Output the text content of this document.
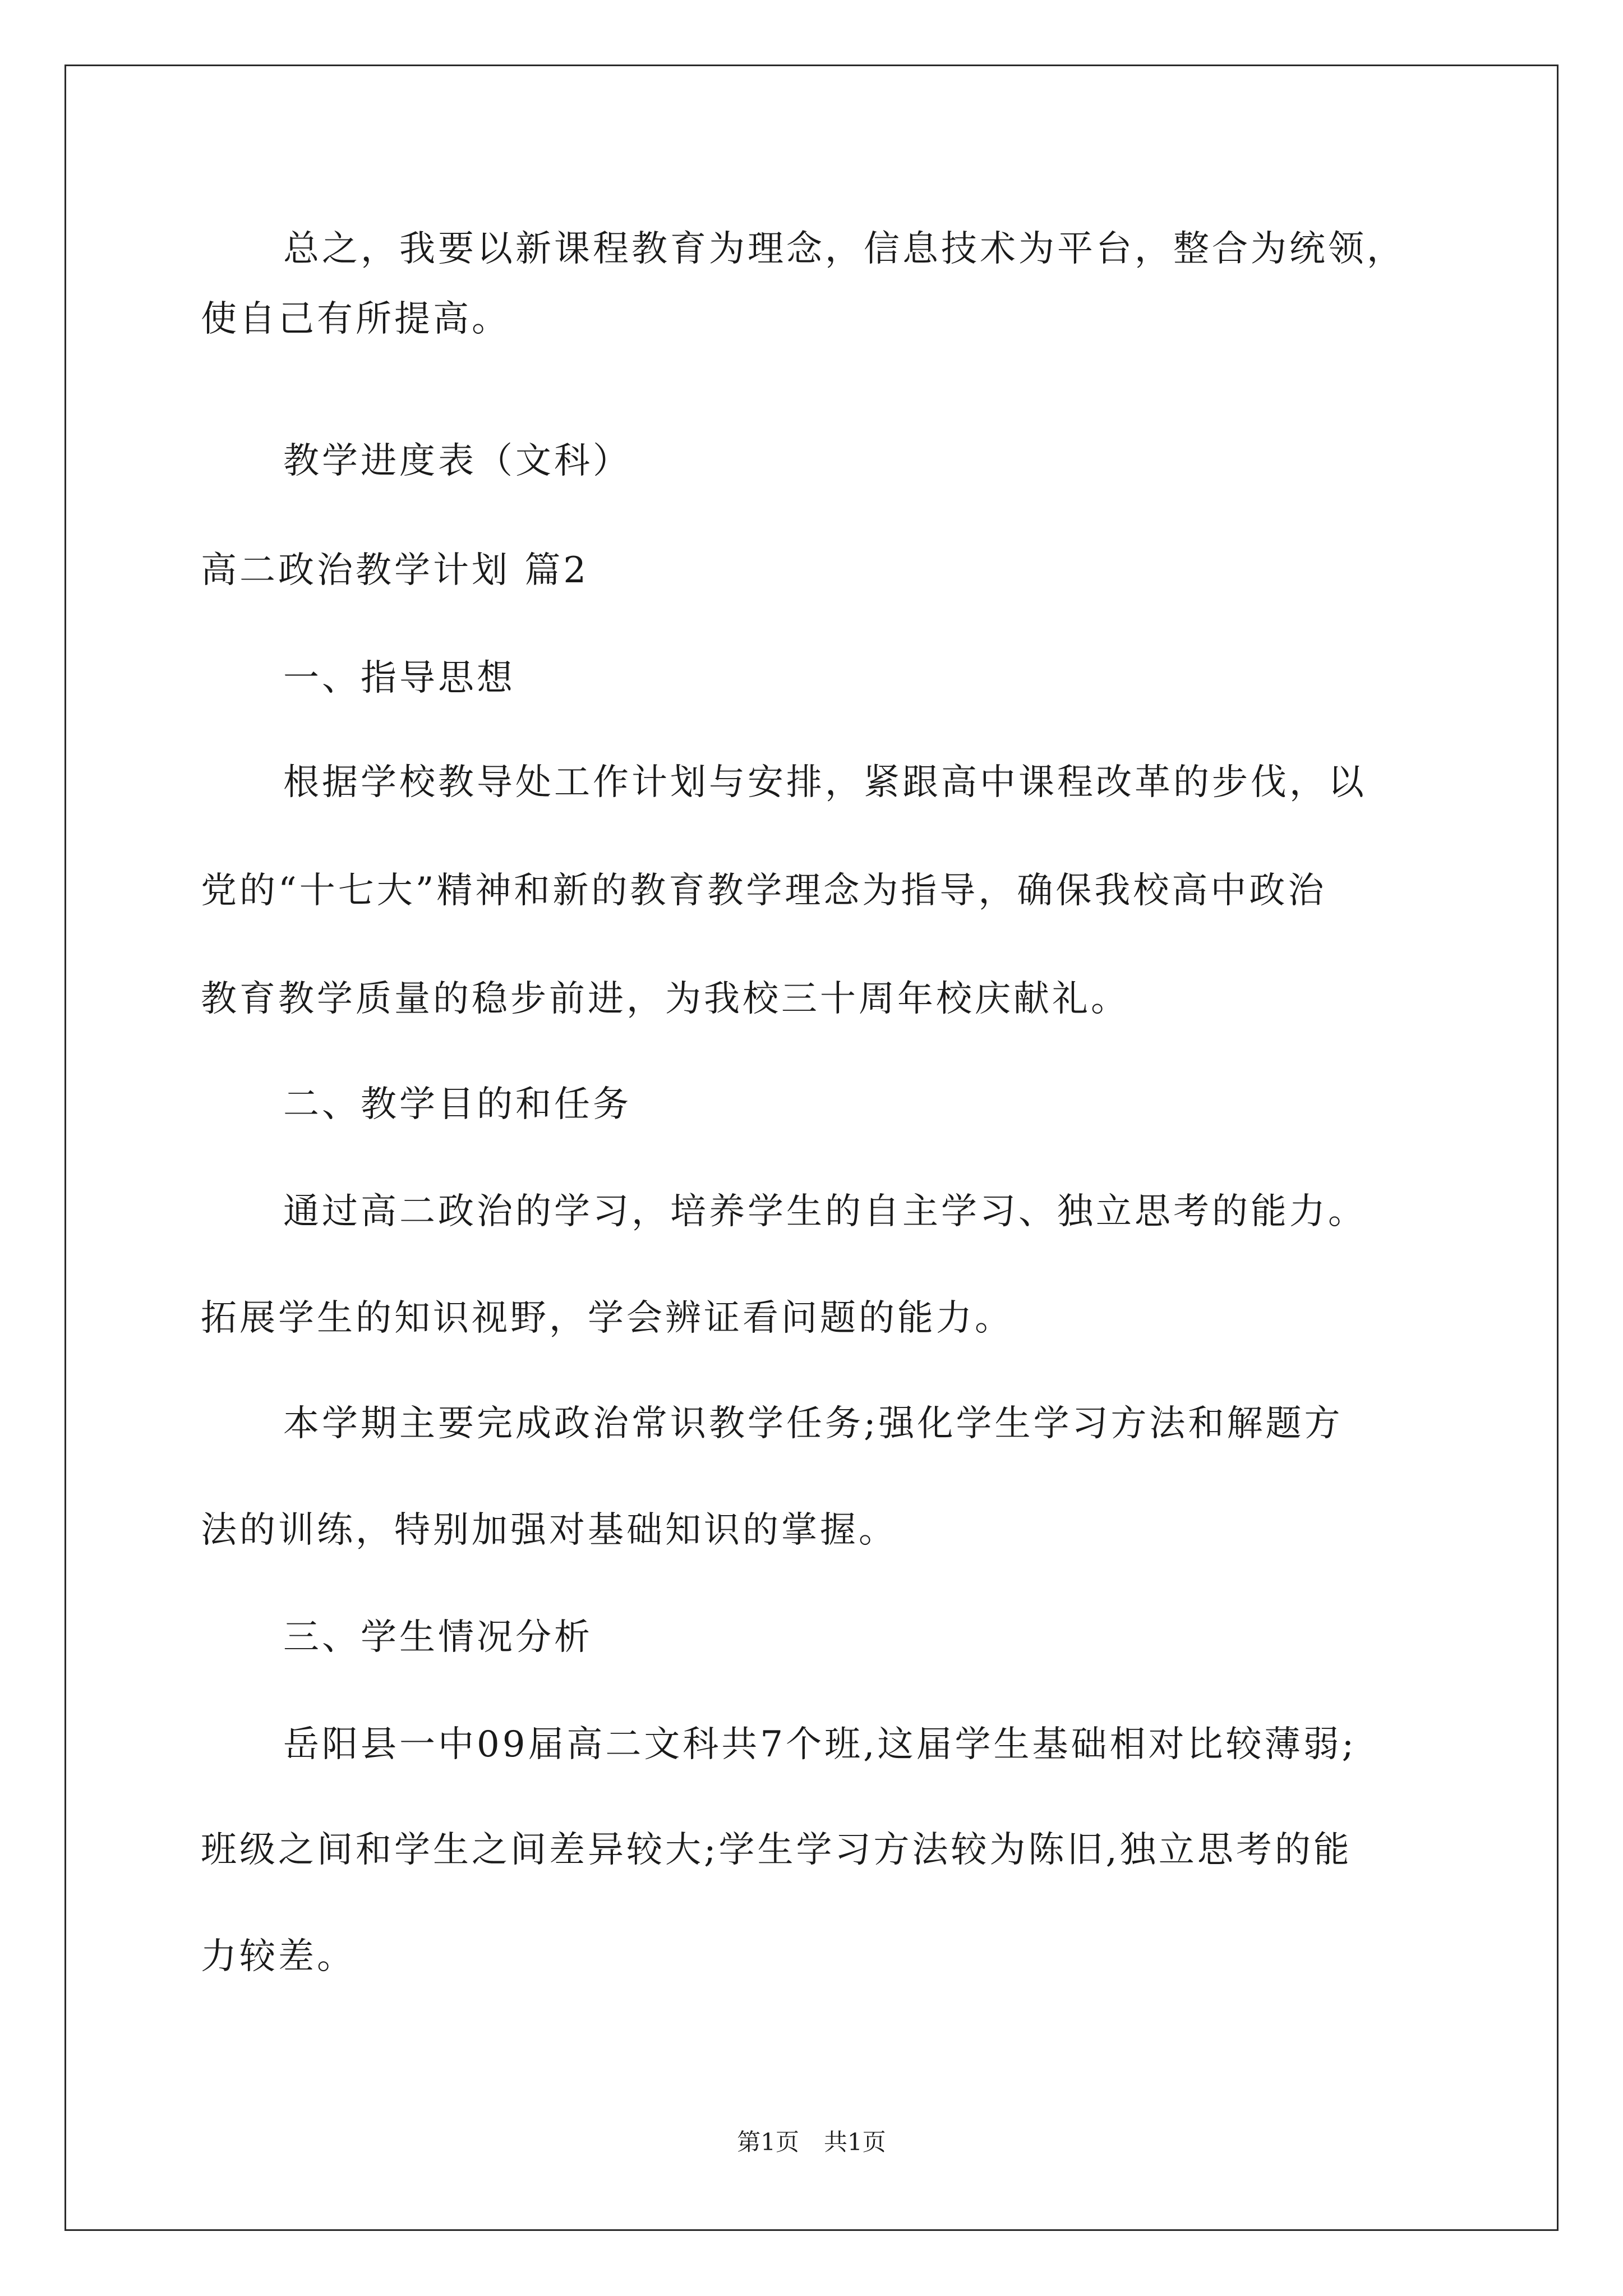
总之，我要以新课程教育为理念，信息技术为平台，整合为统领，
使自己有所提高。
教学进度表（文科）
高二政治教学计划 篇2
一、指导思想
根据学校教导处工作计划与安排，紧跟高中课程改革的步伐，以
党的“十七大”精神和新的教育教学理念为指导，确保我校高中政治
教育教学质量的稳步前进，为我校三十周年校庆献礼。
二、教学目的和任务
通过高二政治的学习，培养学生的自主学习、独立思考的能力。
拓展学生的知识视野，学会辨证看问题的能力。
本学期主要完成政治常识教学任务;强化学生学习方法和解题方
法的训练，特别加强对基础知识的掌握。
三、学生情况分析
岳阳县一中09届高二文科共7个班,这届学生基础相对比较薄弱;
班级之间和学生之间差异较大;学生学习方法较为陈旧,独立思考的能
力较差。
第1页 共1页
